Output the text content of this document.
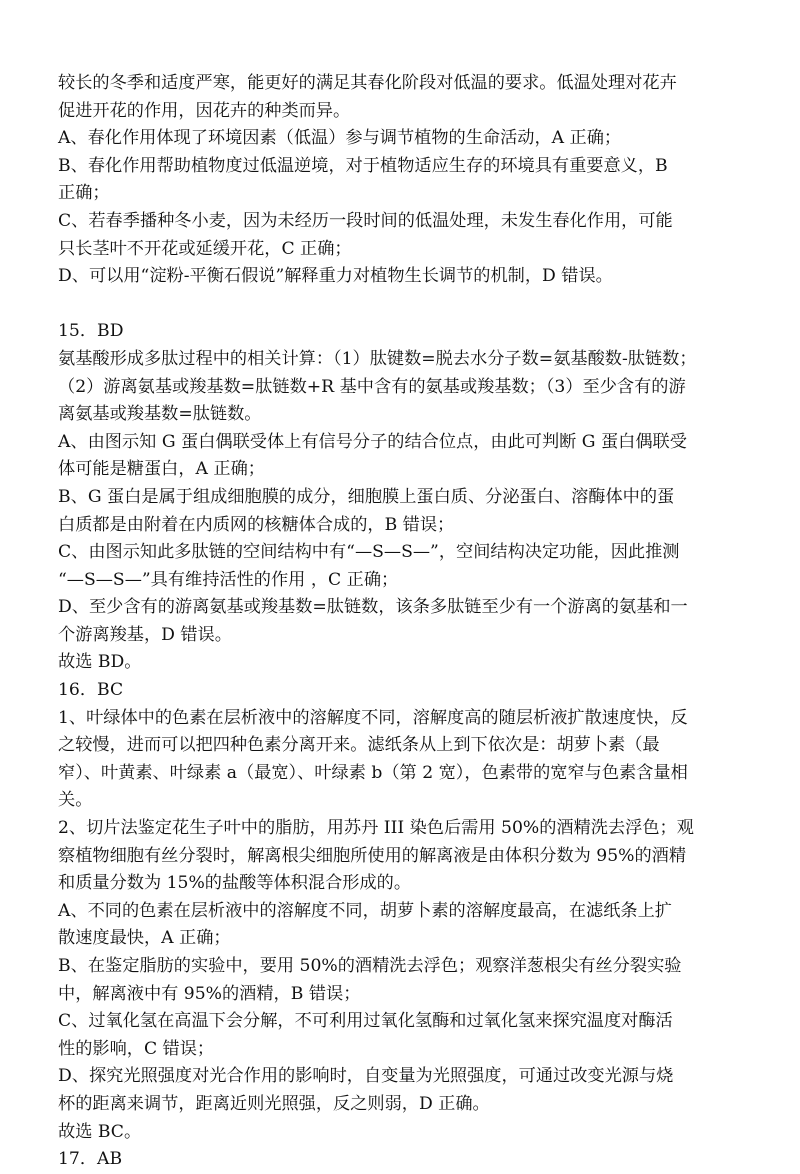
较长的冬季和适度严寒，能更好的满足其春化阶段对低温的要求。低温处理对花卉
促进开花的作用，因花卉的种类而异。
A、春化作用体现了环境因素（低温）参与调节植物的生命活动，A 正确；
B、春化作用帮助植物度过低温逆境，对于植物适应生存的环境具有重要意义，B
正确；
C、若春季播种冬小麦，因为未经历一段时间的低温处理，未发生春化作用，可能
只长茎叶不开花或延缓开花，C 正确；
D、可以用“淀粉-平衡石假说”解释重力对植物生长调节的机制，D 错误。
15．BD
氨基酸形成多肽过程中的相关计算：（1）肽键数=脱去水分子数=氨基酸数-肽链数；
（2）游离氨基或羧基数=肽链数+R 基中含有的氨基或羧基数；（3）至少含有的游
离氨基或羧基数=肽链数。
A、由图示知 G 蛋白偶联受体上有信号分子的结合位点，由此可判断 G 蛋白偶联受
体可能是糖蛋白，A 正确；
B、G 蛋白是属于组成细胞膜的成分，细胞膜上蛋白质、分泌蛋白、溶酶体中的蛋
白质都是由附着在内质网的核糖体合成的，B 错误；
C、由图示知此多肽链的空间结构中有“—S—S—”，空间结构决定功能，因此推测
“—S—S—”具有维持活性的作用 ，C 正确；
D、至少含有的游离氨基或羧基数=肽链数，该条多肽链至少有一个游离的氨基和一
个游离羧基，D 错误。
故选 BD。
16．BC
1、叶绿体中的色素在层析液中的溶解度不同，溶解度高的随层析液扩散速度快，反
之较慢，进而可以把四种色素分离开来。滤纸条从上到下依次是：胡萝卜素（最
窄）、叶黄素、叶绿素 a（最宽）、叶绿素 b（第 2 宽），色素带的宽窄与色素含量相
关。
2、切片法鉴定花生子叶中的脂肪，用苏丹 III 染色后需用 50%的酒精洗去浮色；观
察植物细胞有丝分裂时，解离根尖细胞所使用的解离液是由体积分数为 95%的酒精
和质量分数为 15%的盐酸等体积混合形成的。
A、不同的色素在层析液中的溶解度不同，胡萝卜素的溶解度最高，在滤纸条上扩
散速度最快，A 正确；
B、在鉴定脂肪的实验中，要用 50%的酒精洗去浮色；观察洋葱根尖有丝分裂实验
中，解离液中有 95%的酒精，B 错误；
C、过氧化氢在高温下会分解，不可利用过氧化氢酶和过氧化氢来探究温度对酶活
性的影响，C 错误；
D、探究光照强度对光合作用的影响时，自变量为光照强度，可通过改变光源与烧
杯的距离来调节，距离近则光照强，反之则弱，D 正确。
故选 BC。
17．AB
